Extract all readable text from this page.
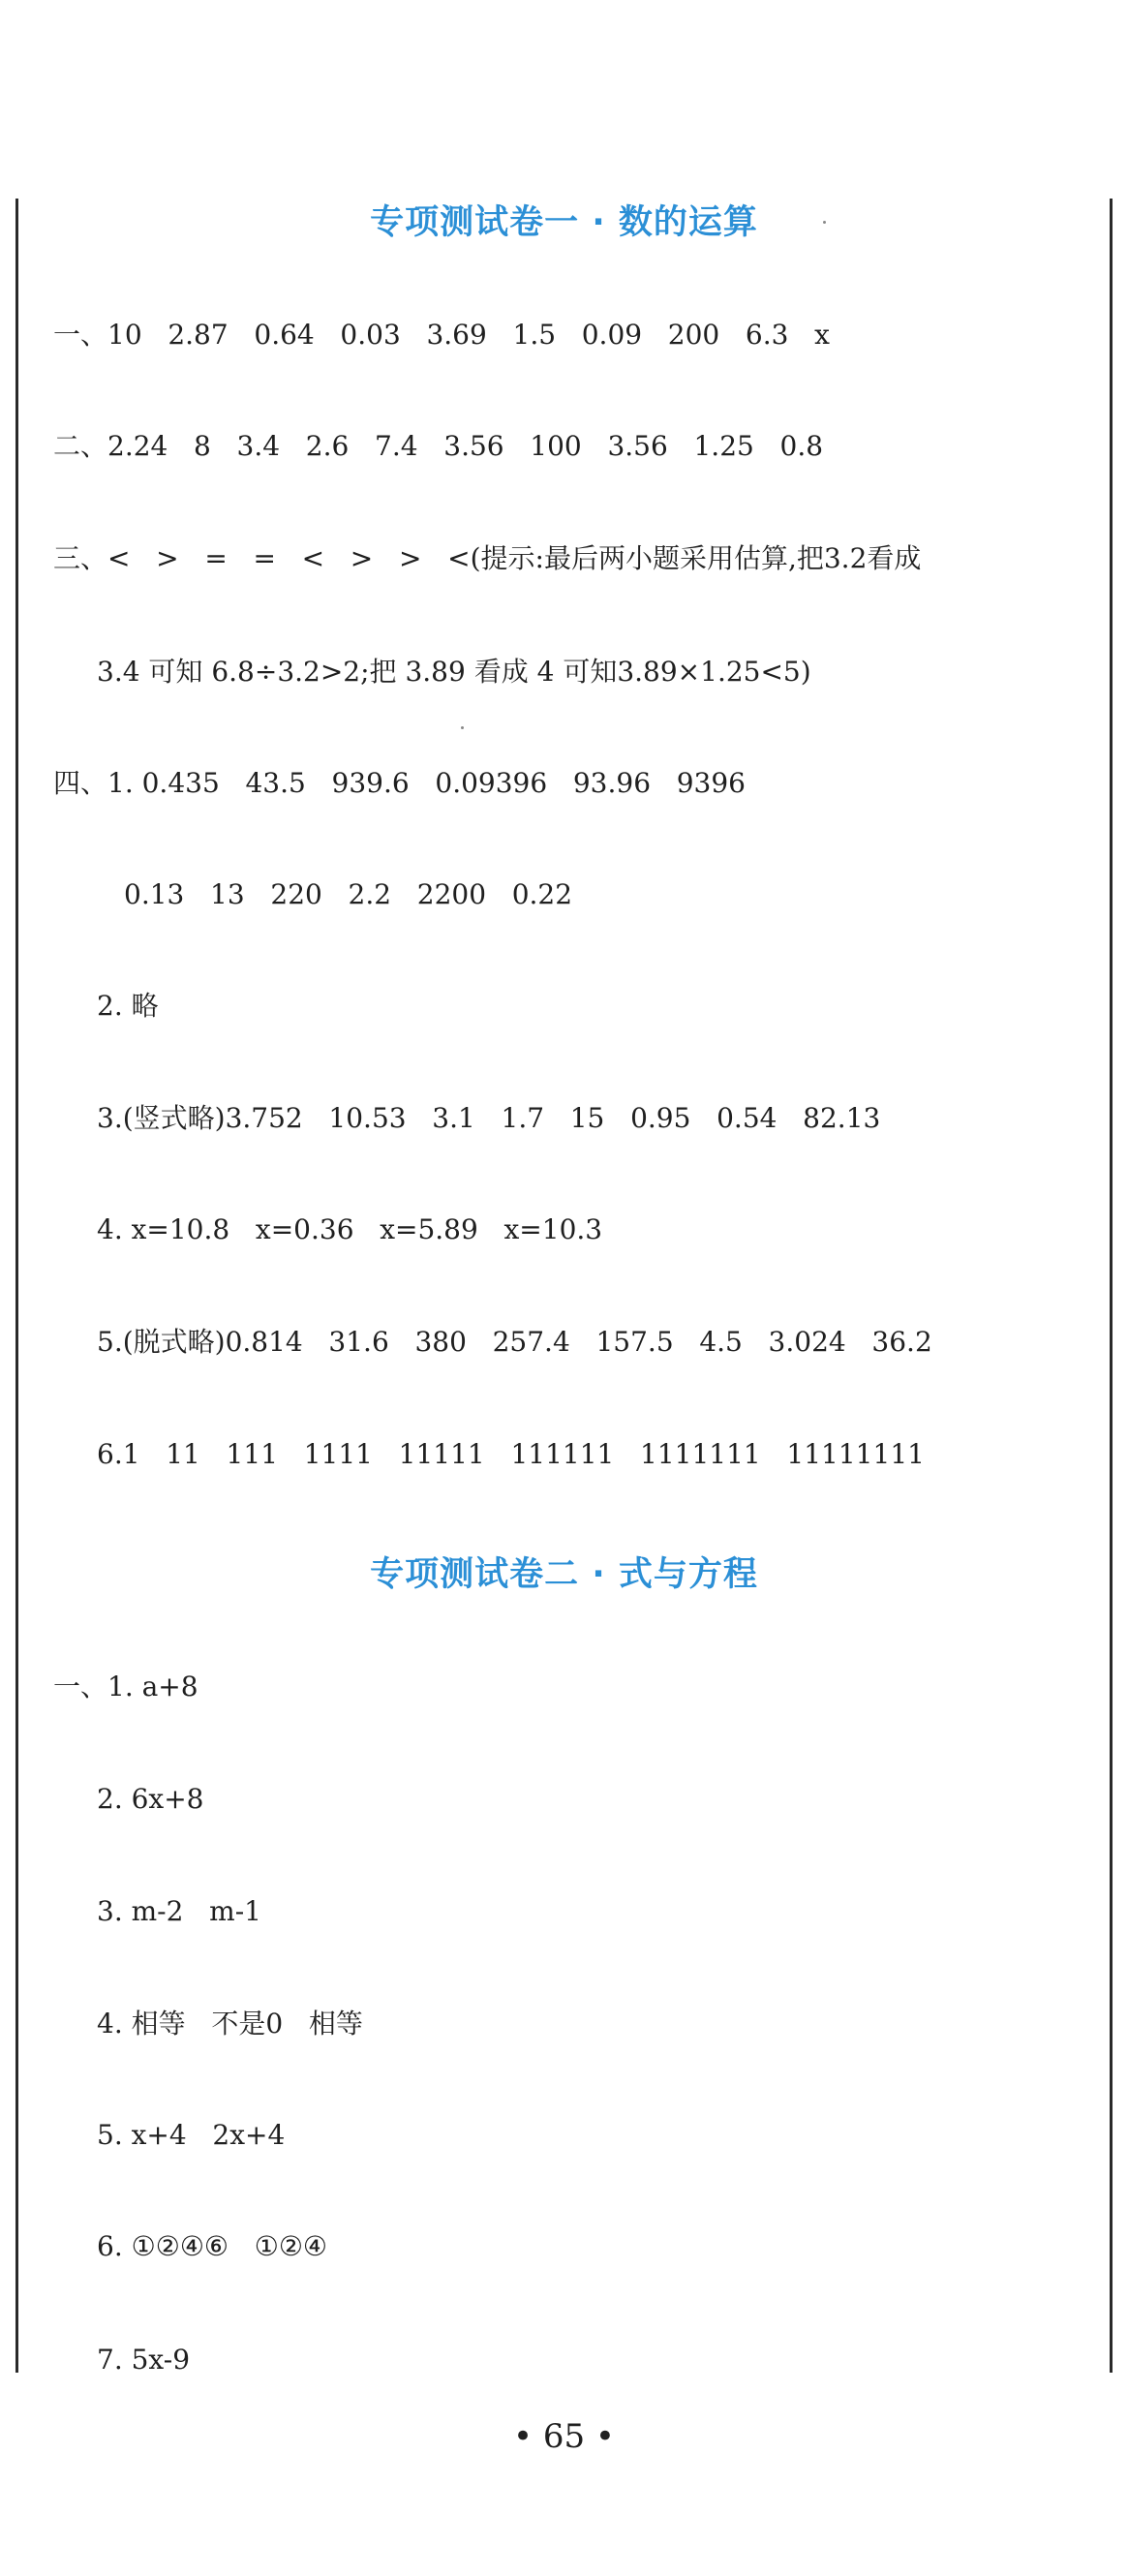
专项测试卷一 · 数的运算
一、10   2.87   0.64   0.03   3.69   1.5   0.09   200   6.3   x
二、2.24   8   3.4   2.6   7.4   3.56   100   3.56   1.25   0.8
三、<   >   =   =   <   >   >   <(提示:最后两小题采用估算,把3.2看成
3.4 可知 6.8÷3.2>2;把 3.89 看成 4 可知3.89×1.25<5)
四、1. 0.435   43.5   939.6   0.09396   93.96   9396
0.13   13   220   2.2   2200   0.22
2. 略
3.(竖式略)3.752   10.53   3.1   1.7   15   0.95   0.54   82.13
4. x=10.8   x=0.36   x=5.89   x=10.3
5.(脱式略)0.814   31.6   380   257.4   157.5   4.5   3.024   36.2
6.1   11   111   1111   11111   111111   1111111   11111111
专项测试卷二 · 式与方程
一、1. a+8
2. 6x+8
3. m-2   m-1
4. 相等   不是0   相等
5. x+4   2x+4
6. ①②④⑥   ①②④
7. 5x-9
• 65 •
